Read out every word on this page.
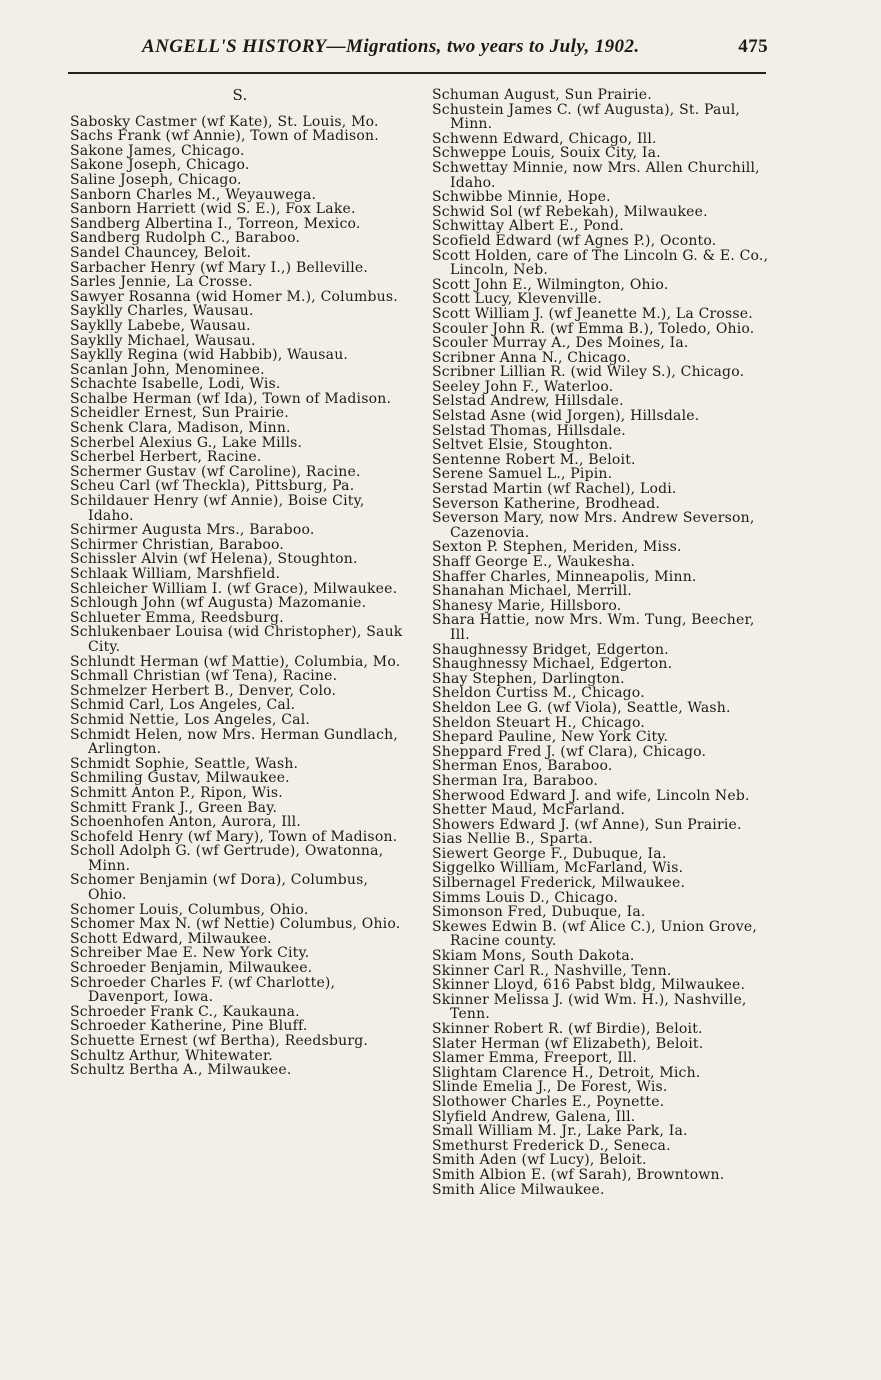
ANGELL'S HISTORY—Migrations, two years to July, 1902.	475
S.

Sabosky Castmer (wf Kate), St. Louis, Mo.

Sachs Frank (wf Annie), Town of Madison.

Sakone James, Chicago.

Sakone Joseph, Chicago.

Saline Joseph, Chicago.

Sanborn Charles M., Weyauwega.

Sanborn Harriett (wid S. E.), Fox Lake.

Sandberg Albertina I., Torreon, Mexico.

Sandberg Rudolph C., Baraboo.

Sandel Chauncey, Beloit.

Sarbacher Henry (wf Mary I.,) Belleville.

Sarles Jennie, La Crosse.

Sawyer Rosanna (wid Homer M.), Columbus.

Sayklly Charles, Wausau.

Sayklly Labebe, Wausau.

Sayklly Michael, Wausau.

Sayklly Regina (wid Habbib), Wausau.

Scanlan John, Menominee.

Schachte Isabelle, Lodi, Wis.

Schalbe Herman (wf Ida), Town of Madison.

Scheidler Ernest, Sun Prairie.

Schenk Clara, Madison, Minn.

Scherbel Alexius G., Lake Mills.

Scherbel Herbert, Racine.

Schermer Gustav (wf Caroline), Racine.

Scheu Carl (wf Theckla), Pittsburg, Pa.

Schildauer Henry (wf Annie), Boise City, Idaho.

Schirmer Augusta Mrs., Baraboo.

Schirmer Christian, Baraboo.

Schissler Alvin (wf Helena), Stoughton.

Schlaak William, Marshfield.

Schleicher William I. (wf Grace), Milwaukee.

Schlough John (wf Augusta) Mazomanie.

Schlueter Emma, Reedsburg.

Schlukenbaer Louisa (wid Christopher), Sauk City.

Schlundt Herman (wf Mattie), Columbia, Mo.

Schmall Christian (wf Tena), Racine.

Schmelzer Herbert B., Denver, Colo.

Schmid Carl, Los Angeles, Cal.

Schmid Nettie, Los Angeles, Cal.

Schmidt Helen, now Mrs. Herman Gundlach, Arlington.

Schmidt Sophie, Seattle, Wash.

Schmiling Gustav, Milwaukee.

Schmitt Anton P., Ripon, Wis.

Schmitt Frank J., Green Bay.

Schoenhofen Anton, Aurora, Ill.

Schofeld Henry (wf Mary), Town of Madison.

Scholl Adolph G. (wf Gertrude), Owatonna, Minn.

Schomer Benjamin (wf Dora), Columbus, Ohio.

Schomer Louis, Columbus, Ohio.

Schomer Max N. (wf Nettie) Columbus, Ohio.

Schott Edward, Milwaukee.

Schreiber Mae E. New York City.

Schroeder Benjamin, Milwaukee.

Schroeder Charles F. (wf Charlotte), Davenport, Iowa.

Schroeder Frank C., Kaukauna.

Schroeder Katherine, Pine Bluff.

Schuette Ernest (wf Bertha), Reedsburg.

Schultz Arthur, Whitewater.

Schultz Bertha A., Milwaukee.

Schuman August, Sun Prairie.

Schustein James C. (wf Augusta), St. Paul, Minn.

Schwenn Edward, Chicago, Ill.

Schweppe Louis, Souix City, Ia.

Schwettay Minnie, now Mrs. Allen Churchill, Idaho.

Schwibbe Minnie, Hope.

Schwid Sol (wf Rebekah), Milwaukee.

Schwittay Albert E., Pond.

Scofield Edward (wf Agnes P.), Oconto.

Scott Holden, care of The Lincoln G. & E. Co., Lincoln, Neb.

Scott John E., Wilmington, Ohio.

Scott Lucy, Klevenville.

Scott William J. (wf Jeanette M.), La Crosse.

Scouler John R. (wf Emma B.), Toledo, Ohio.

Scouler Murray A., Des Moines, Ia.

Scribner Anna N., Chicago.

Scribner Lillian R. (wid Wiley S.), Chicago.

Seeley John F., Waterloo.

Selstad Andrew, Hillsdale.

Selstad Asne (wid Jorgen), Hillsdale.

Selstad Thomas, Hillsdale.

Seltvet Elsie, Stoughton.

Sentenne Robert M., Beloit.

Serene Samuel L., Pipin.

Serstad Martin (wf Rachel), Lodi.

Severson Katherine, Brodhead.

Severson Mary, now Mrs. Andrew Severson, Cazenovia.

Sexton P. Stephen, Meriden, Miss.

Shaff George E., Waukesha.

Shaffer Charles, Minneapolis, Minn.

Shanahan Michael, Merrill.

Shanesy Marie, Hillsboro.

Shara Hattie, now Mrs. Wm. Tung, Beecher, Ill.

Shaughnessy Bridget, Edgerton.

Shaughnessy Michael, Edgerton.

Shay Stephen, Darlington.

Sheldon Curtiss M., Chicago.

Sheldon Lee G. (wf Viola), Seattle, Wash.

Sheldon Steuart H., Chicago.

Shepard Pauline, New York City.

Sheppard Fred J. (wf Clara), Chicago.

Sherman Enos, Baraboo.

Sherman Ira, Baraboo.

Sherwood Edward J. and wife, Lincoln Neb.

Shetter Maud, McFarland.

Showers Edward J. (wf Anne), Sun Prairie.

Sias Nellie B., Sparta.

Siewert George F., Dubuque, Ia.

Siggelko William, McFarland, Wis.

Silbernagel Frederick, Milwaukee.

Simms Louis D., Chicago.

Simonson Fred, Dubuque, Ia.

Skewes Edwin B. (wf Alice C.), Union Grove, Racine county.

Skiam Mons, South Dakota.

Skinner Carl R., Nashville, Tenn.

Skinner Lloyd, 616 Pabst bldg, Milwaukee.

Skinner Melissa J. (wid Wm. H.), Nashville, Tenn.

Skinner Robert R. (wf Birdie), Beloit.

Slater Herman (wf Elizabeth), Beloit.

Slamer Emma, Freeport, Ill.

Slightam Clarence H., Detroit, Mich.

Slinde Emelia J., De Forest, Wis.

Slothower Charles E., Poynette.

Slyfield Andrew, Galena, Ill.

Small William M. Jr., Lake Park, Ia.

Smethurst Frederick D., Seneca.

Smith Aden (wf Lucy), Beloit.

Smith Albion E. (wf Sarah), Browntown.

Smith Alice Milwaukee.
